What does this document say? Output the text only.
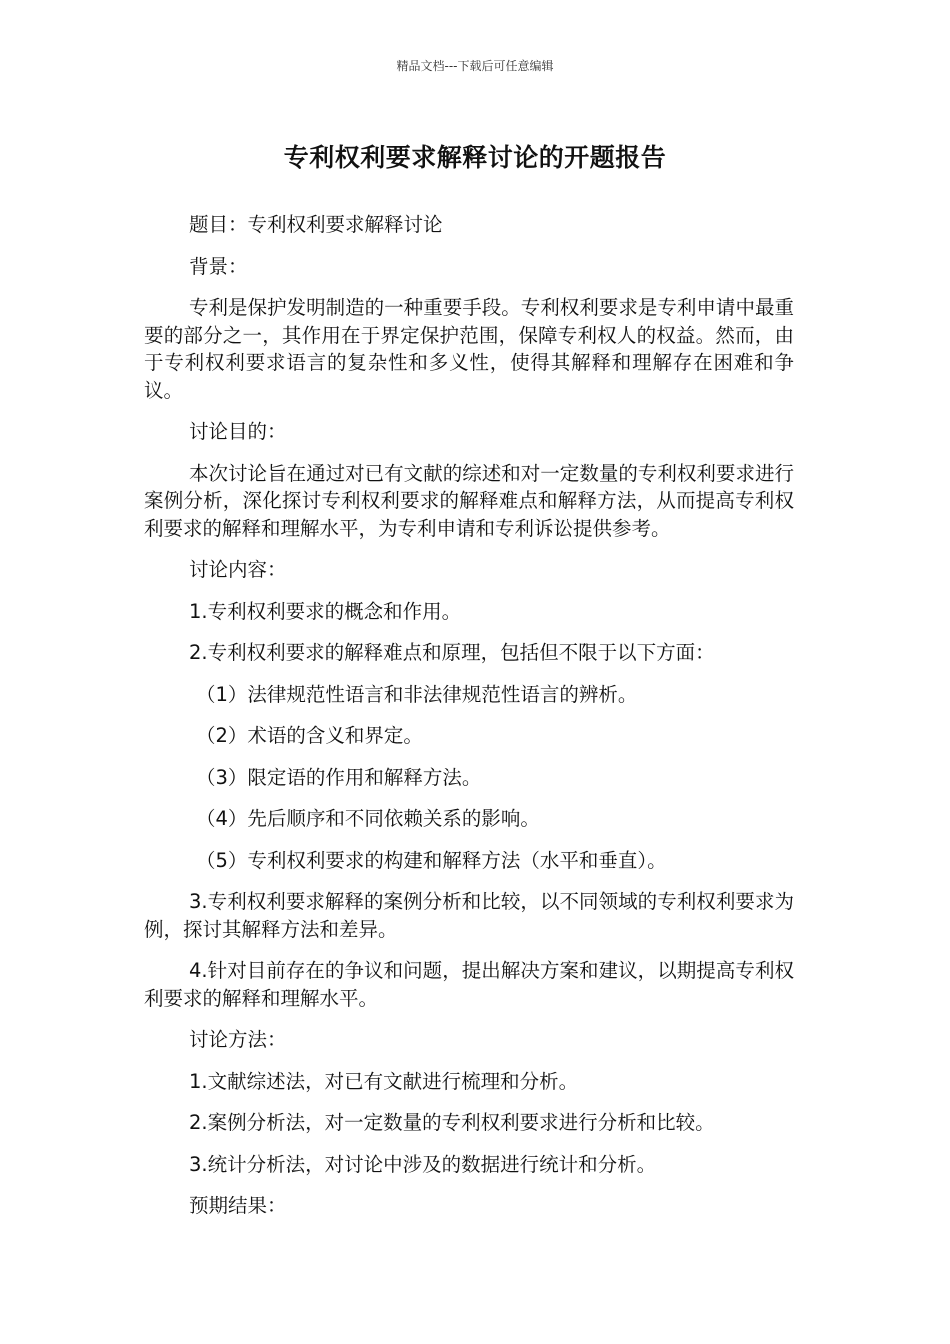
精品文档---下载后可任意编辑
专利权利要求解释讨论的开题报告

题目：专利权利要求解释讨论

背景：

专利是保护发明制造的一种重要手段。专利权利要求是专利申请中最重要的部分之一，其作用在于界定保护范围，保障专利权人的权益。然而，由于专利权利要求语言的复杂性和多义性，使得其解释和理解存在困难和争议。

讨论目的：

本次讨论旨在通过对已有文献的综述和对一定数量的专利权利要求进行案例分析，深化探讨专利权利要求的解释难点和解释方法，从而提高专利权利要求的解释和理解水平，为专利申请和专利诉讼提供参考。

讨论内容：

1.专利权利要求的概念和作用。

2.专利权利要求的解释难点和原理，包括但不限于以下方面：

（1）法律规范性语言和非法律规范性语言的辨析。

（2）术语的含义和界定。

（3）限定语的作用和解释方法。

（4）先后顺序和不同依赖关系的影响。

（5）专利权利要求的构建和解释方法（水平和垂直）。

3.专利权利要求解释的案例分析和比较，以不同领域的专利权利要求为例，探讨其解释方法和差异。

4.针对目前存在的争议和问题，提出解决方案和建议，以期提高专利权利要求的解释和理解水平。

讨论方法：

1.文献综述法，对已有文献进行梳理和分析。

2.案例分析法，对一定数量的专利权利要求进行分析和比较。

3.统计分析法，对讨论中涉及的数据进行统计和分析。

预期结果：
